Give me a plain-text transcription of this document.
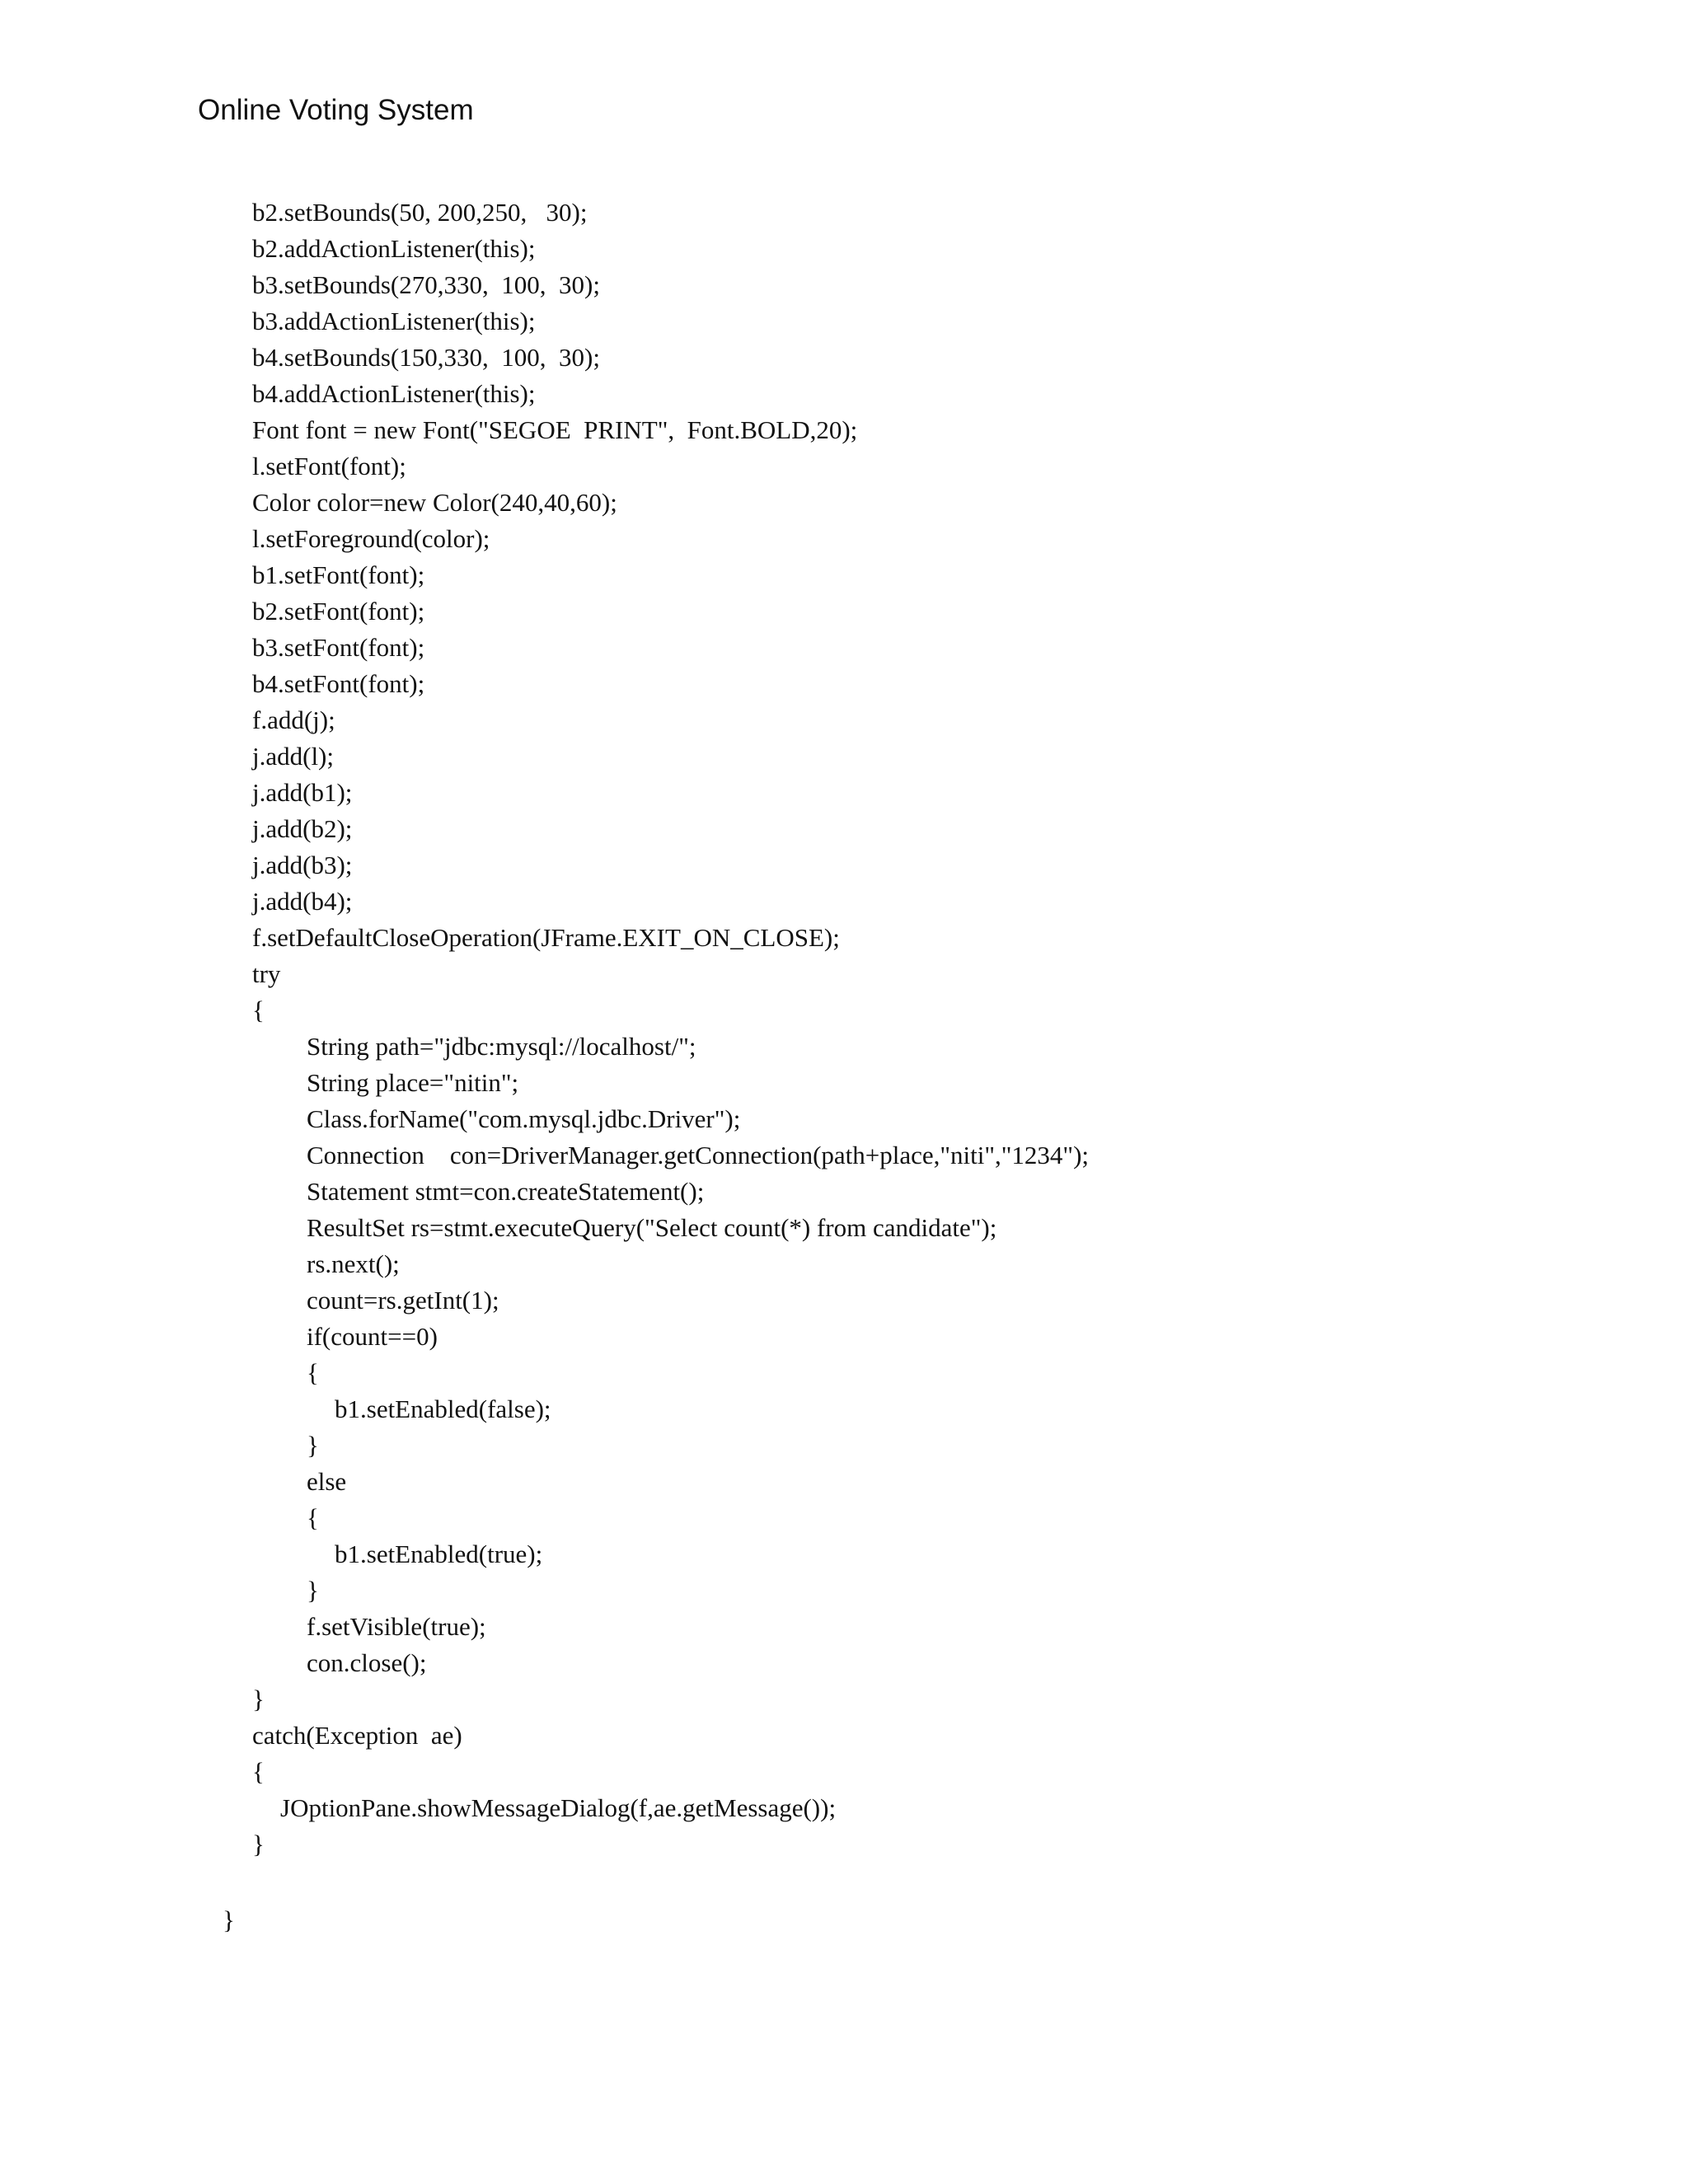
Online Voting System
b2.setBounds(50, 200,250,   30);
b2.addActionListener(this);
b3.setBounds(270,330,  100,  30);
b3.addActionListener(this);
b4.setBounds(150,330,  100,  30);
b4.addActionListener(this);
Font font = new Font("SEGOE  PRINT",  Font.BOLD,20);
l.setFont(font);
Color color=new Color(240,40,60);
l.setForeground(color);
b1.setFont(font);
b2.setFont(font);
b3.setFont(font);
b4.setFont(font);
f.add(j);
j.add(l);
j.add(b1);
j.add(b2);
j.add(b3);
j.add(b4);
f.setDefaultCloseOperation(JFrame.EXIT_ON_CLOSE);
try
{
String path="jdbc:mysql://localhost/";
String place="nitin";
Class.forName("com.mysql.jdbc.Driver");
Connection    con=DriverManager.getConnection(path+place,"niti","1234");
Statement stmt=con.createStatement();
ResultSet rs=stmt.executeQuery("Select count(*) from candidate");
rs.next();
count=rs.getInt(1);
if(count==0)
{
b1.setEnabled(false);
}
else
{
b1.setEnabled(true);
}
f.setVisible(true);
con.close();
}
catch(Exception  ae)
{
JOptionPane.showMessageDialog(f,ae.getMessage());
}
}
